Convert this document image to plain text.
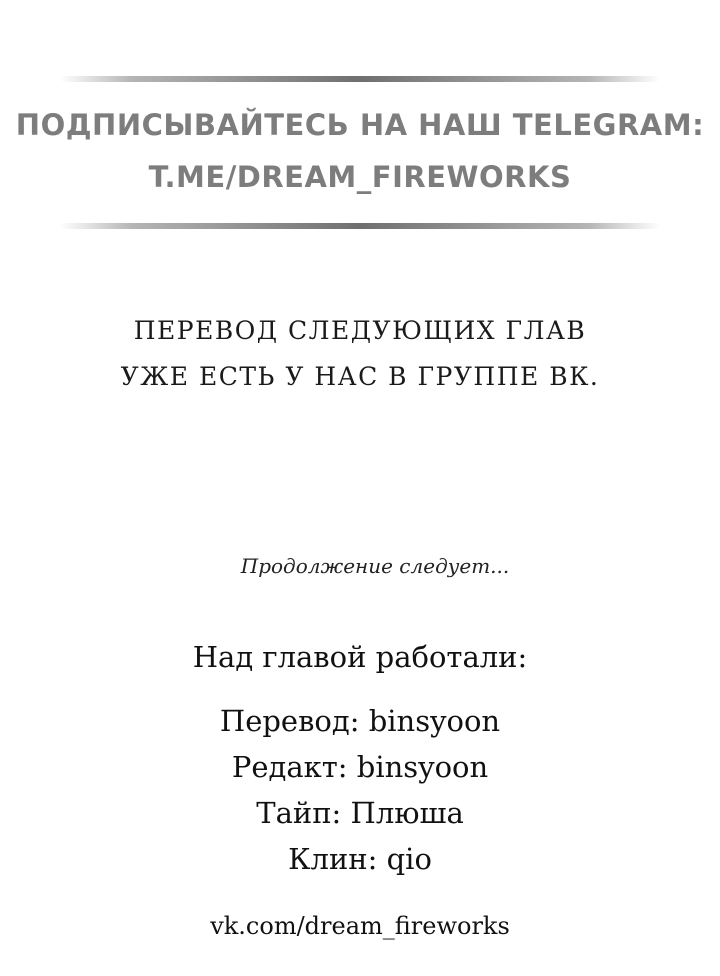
ПОДПИСЫВАЙТЕСЬ НА НАШ TELEGRAM:
T.ME/DREAM_FIREWORKS
ПЕРЕВОД СЛЕДУЮЩИХ ГЛАВ
УЖЕ ЕСТЬ У НАС В ГРУППЕ ВК.
Продолжение следует...
Над главой работали:
Перевод: binsyoon
Редакт: binsyoon
Тайп: Плюша
Клин: qio
vk.com/dream_fireworks
